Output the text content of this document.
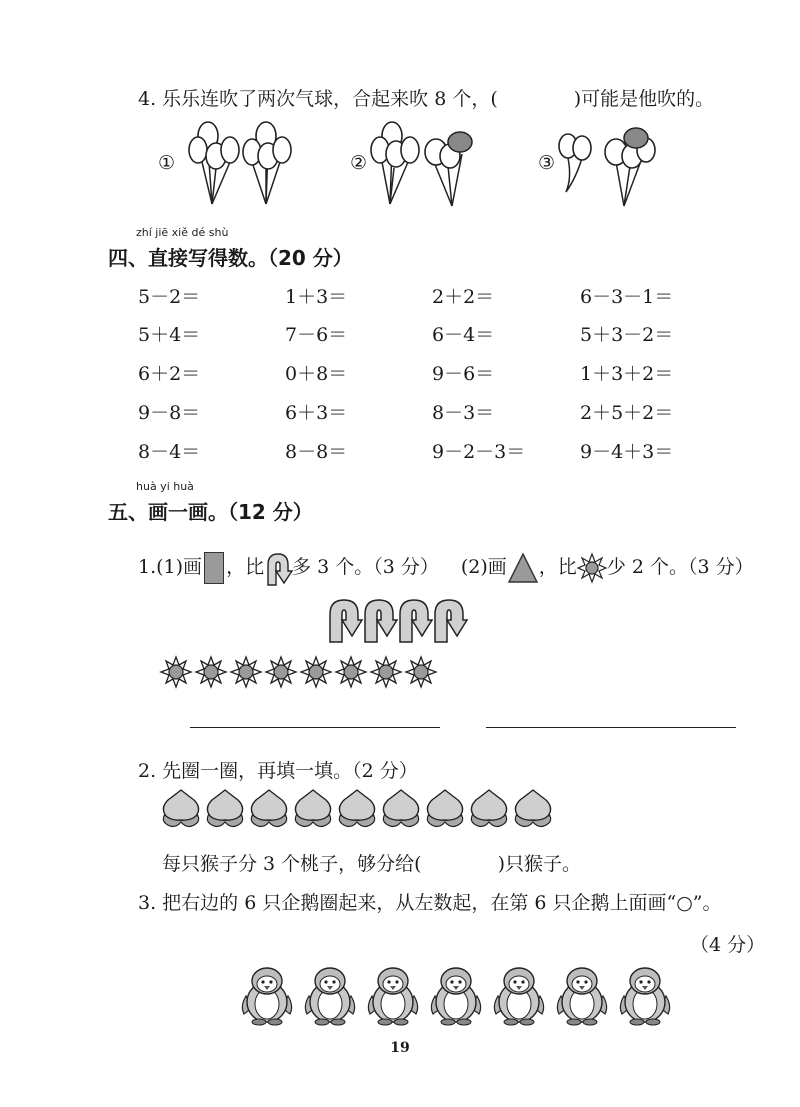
4. 乐乐连吹了两次气球，合起来吹 8 个，(　　　　)可能是他吹的。
①	②	③
zhí jiē xiě dé shù
四、直接写得数。（20 分）
5－2＝	1＋3＝	2＋2＝	6－3－1＝
5＋4＝	7－6＝	6－4＝	5＋3－2＝
6＋2＝	0＋8＝	9－6＝	1＋3＋2＝
9－8＝	6＋3＝	8－3＝	2＋5＋2＝
8－4＝	8－8＝	9－2－3＝	9－4＋3＝
huà yi huà
五、画一画。（12 分）
1.(1)画 ，比 多 3 个。（3 分） (2)画 ，比 少 2 个。（3 分）
2. 先圈一圈，再填一填。（2 分）
每只猴子分 3 个桃子，够分给(　　　　)只猴子。
3. 把右边的 6 只企鹅圈起来，从左数起，在第 6 只企鹅上面画“○”。
（4 分）
19
